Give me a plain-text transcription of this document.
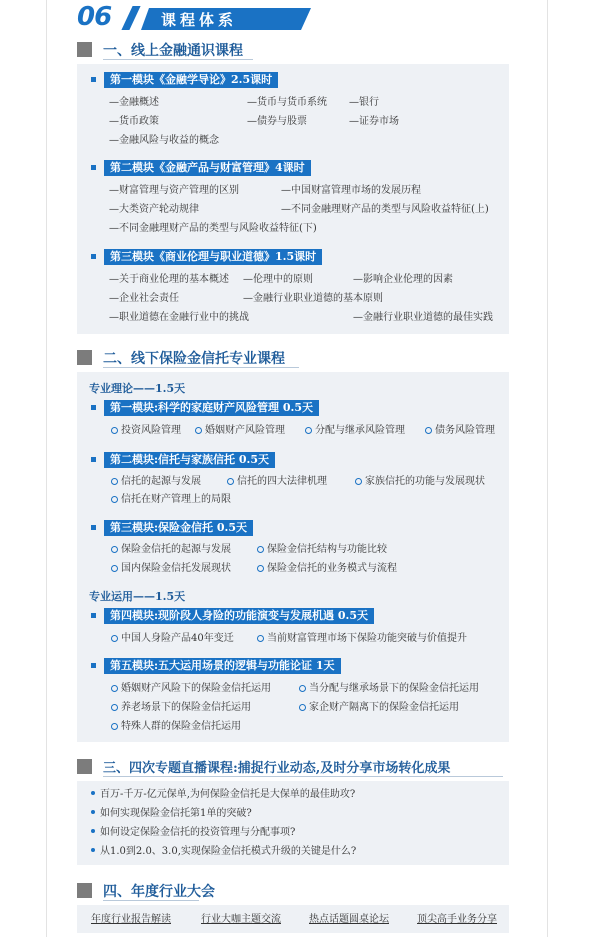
06	课程体系
一、线上金融通识课程
第一模块《金融学导论》2.5课时
—金融概述	—货币与货币系统 —银行
—货币政策	—债券与股票	—证券市场
—金融风险与收益的概念
第二模块《金融产品与财富管理》4课时
—财富管理与资产管理的区别	—中国财富管理市场的发展历程
—大类资产轮动规律	—不同金融理财产品的类型与风险收益特征(上)
—不同金融理财产品的类型与风险收益特征(下)
第三模块《商业伦理与职业道德》1.5课时
—关于商业伦理的基本概述 —伦理中的原则	—影响企业伦理的因素
—企业社会责任	—金融行业职业道德的基本原则
—职业道德在金融行业中的挑战	—金融行业职业道德的最佳实践
二、线下保险金信托专业课程
专业理论——1.5天
第一模块:科学的家庭财产风险管理 0.5天
投资风险管理	婚姻财产风险管理	分配与继承风险管理	债务风险管理
第二模块:信托与家族信托 0.5天
信托的起源与发展	信托的四大法律机理	家族信托的功能与发展现状
信托在财产管理上的局限
第三模块:保险金信托 0.5天
保险金信托的起源与发展	保险金信托结构与功能比较
国内保险金信托发展现状	保险金信托的业务模式与流程
专业运用——1.5天
第四模块:现阶段人身险的功能演变与发展机遇 0.5天
中国人身险产品40年变迁	当前财富管理市场下保险功能突破与价值提升
第五模块:五大运用场景的逻辑与功能论证 1天
婚姻财产风险下的保险金信托运用	当分配与继承场景下的保险金信托运用
养老场景下的保险金信托运用	家企财产隔离下的保险金信托运用
特殊人群的保险金信托运用
三、四次专题直播课程:捕捉行业动态,及时分享市场转化成果
百万-千万-亿元保单,为何保险金信托是大保单的最佳助攻?
如何实现保险金信托第1单的突破?
如何设定保险金信托的投资管理与分配事项?
从1.0到2.0、3.0,实现保险金信托模式升级的关键是什么?
四、年度行业大会
年度行业报告解读	行业大咖主题交流	热点话题圆桌论坛	顶尖高手业务分享
